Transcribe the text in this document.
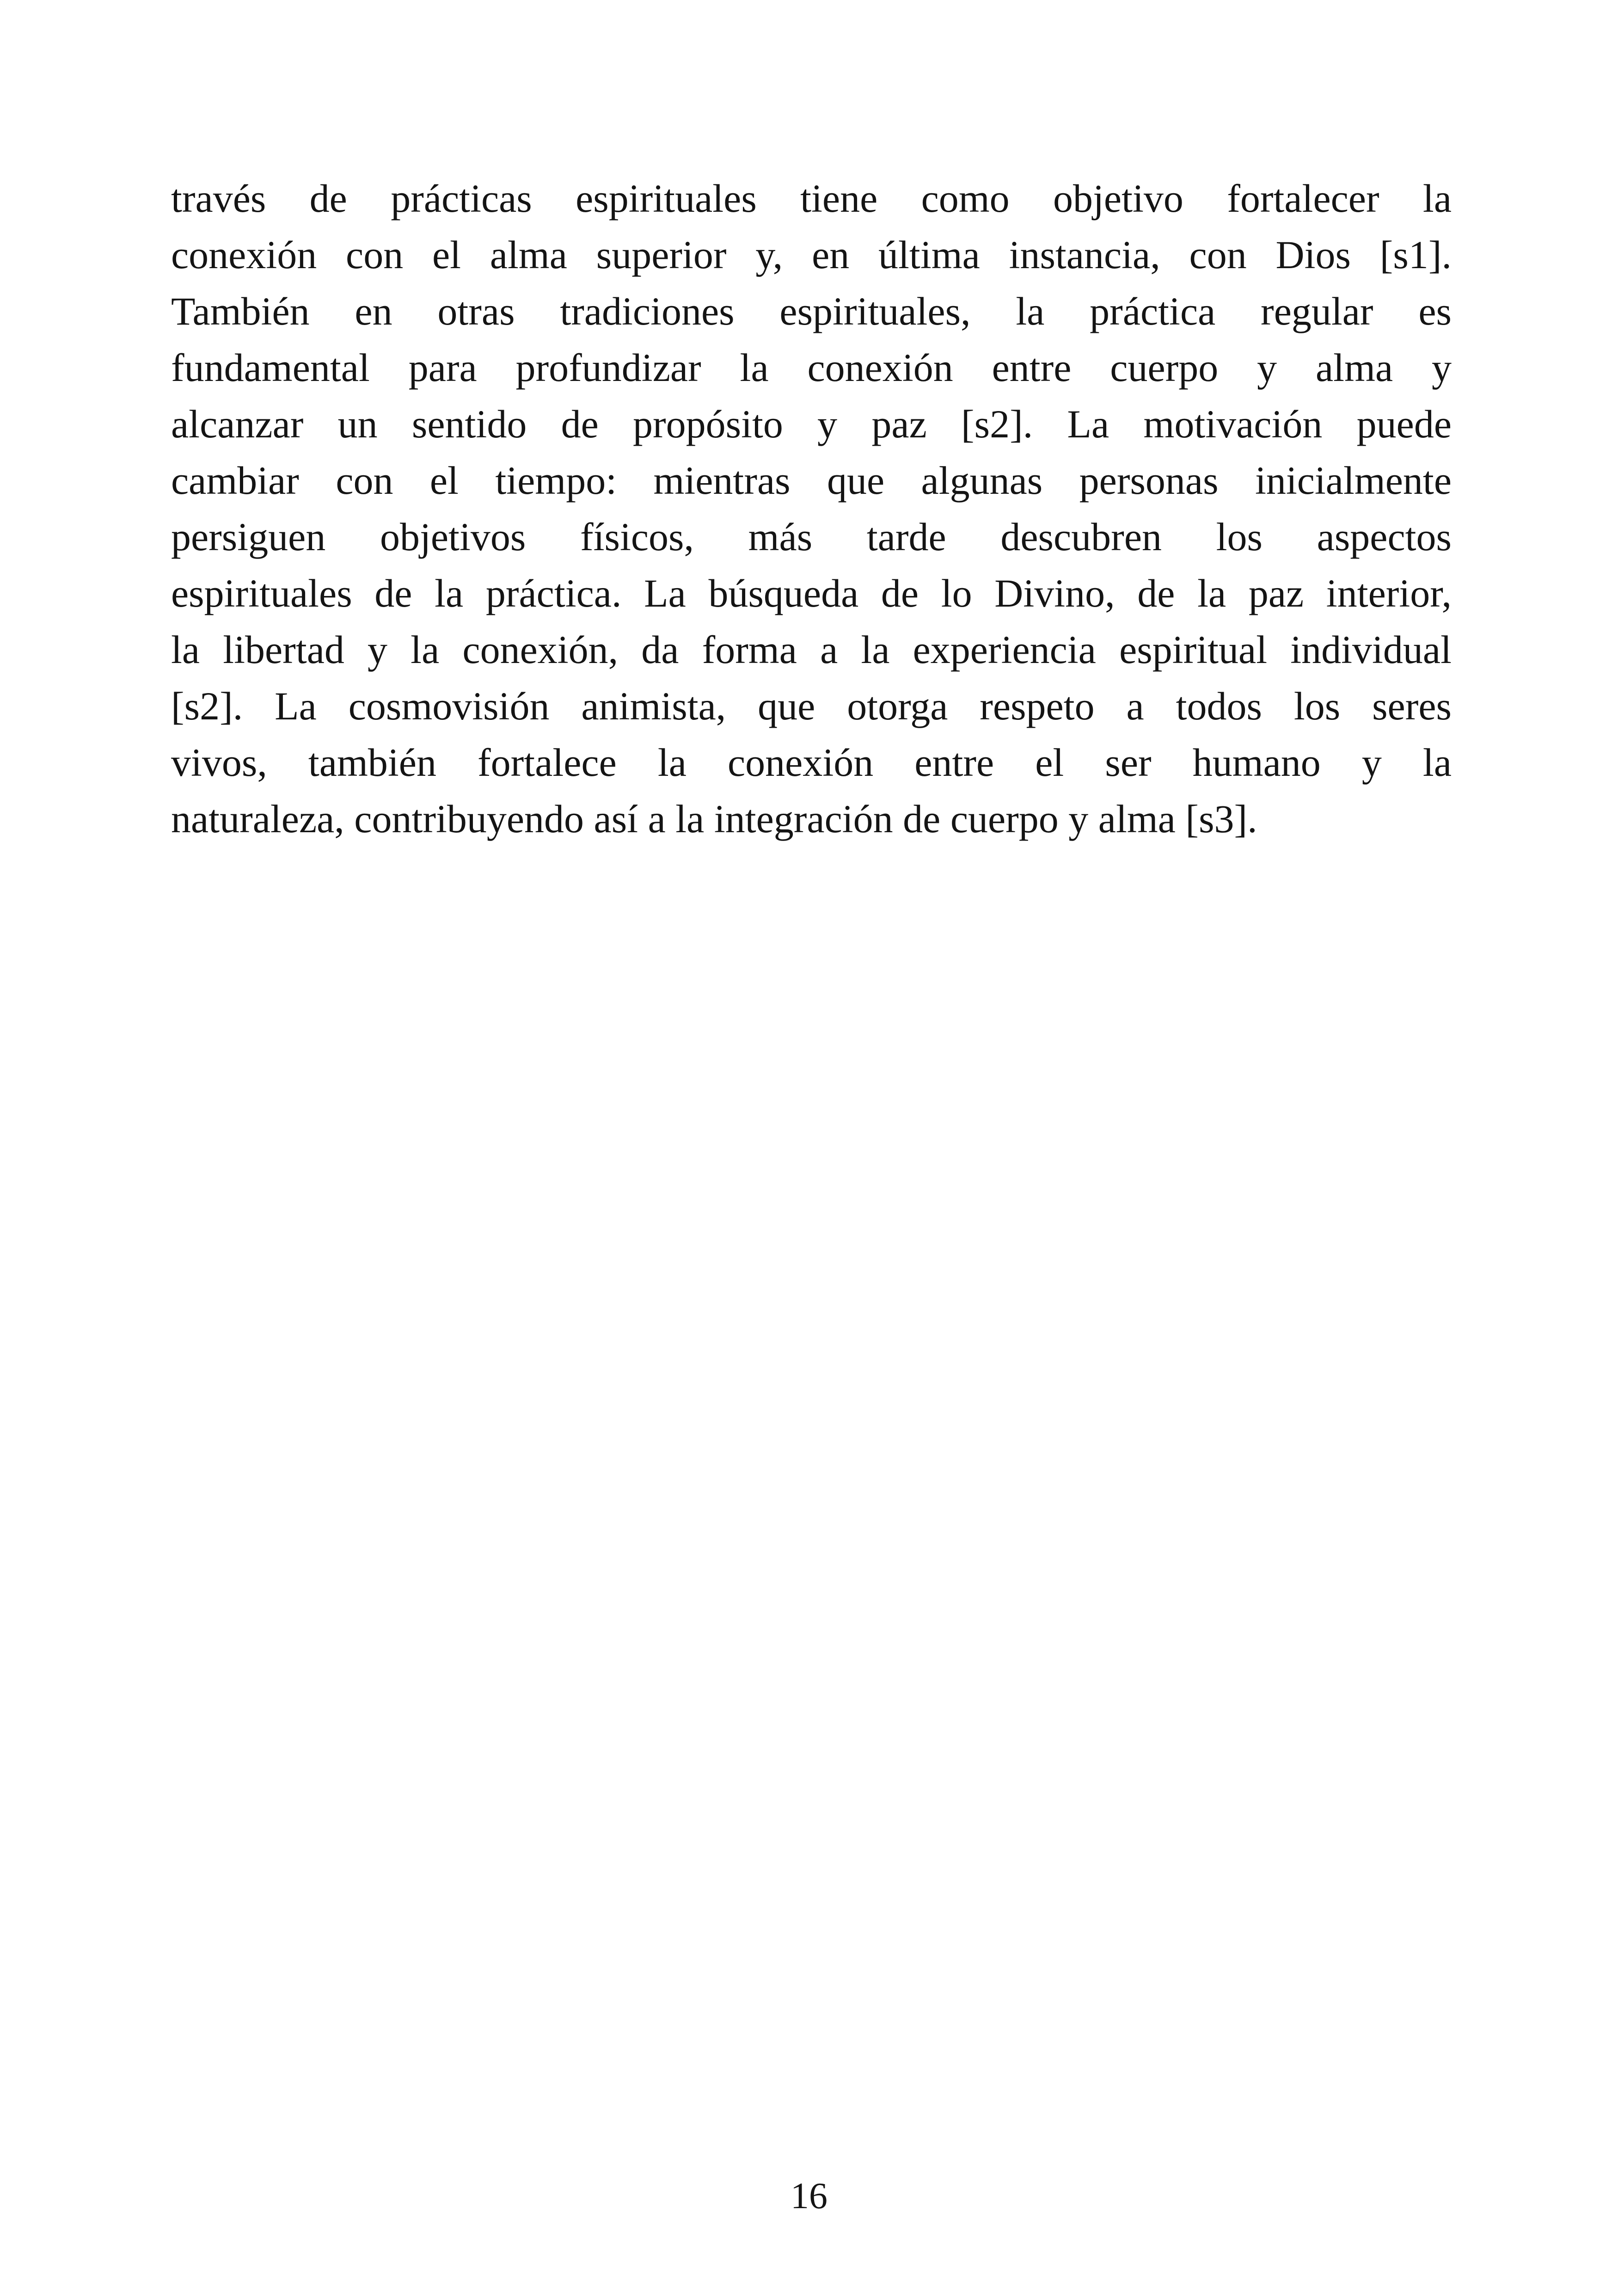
través de prácticas espirituales tiene como objetivo fortalecer la
conexión con el alma superior y, en última instancia, con Dios [s1].
También en otras tradiciones espirituales, la práctica regular es
fundamental para profundizar la conexión entre cuerpo y alma y
alcanzar un sentido de propósito y paz [s2]. La motivación puede
cambiar con el tiempo: mientras que algunas personas inicialmente
persiguen objetivos físicos, más tarde descubren los aspectos
espirituales de la práctica. La búsqueda de lo Divino, de la paz interior,
la libertad y la conexión, da forma a la experiencia espiritual individual
[s2]. La cosmovisión animista, que otorga respeto a todos los seres
vivos, también fortalece la conexión entre el ser humano y la
naturaleza, contribuyendo así a la integración de cuerpo y alma [s3].
16
